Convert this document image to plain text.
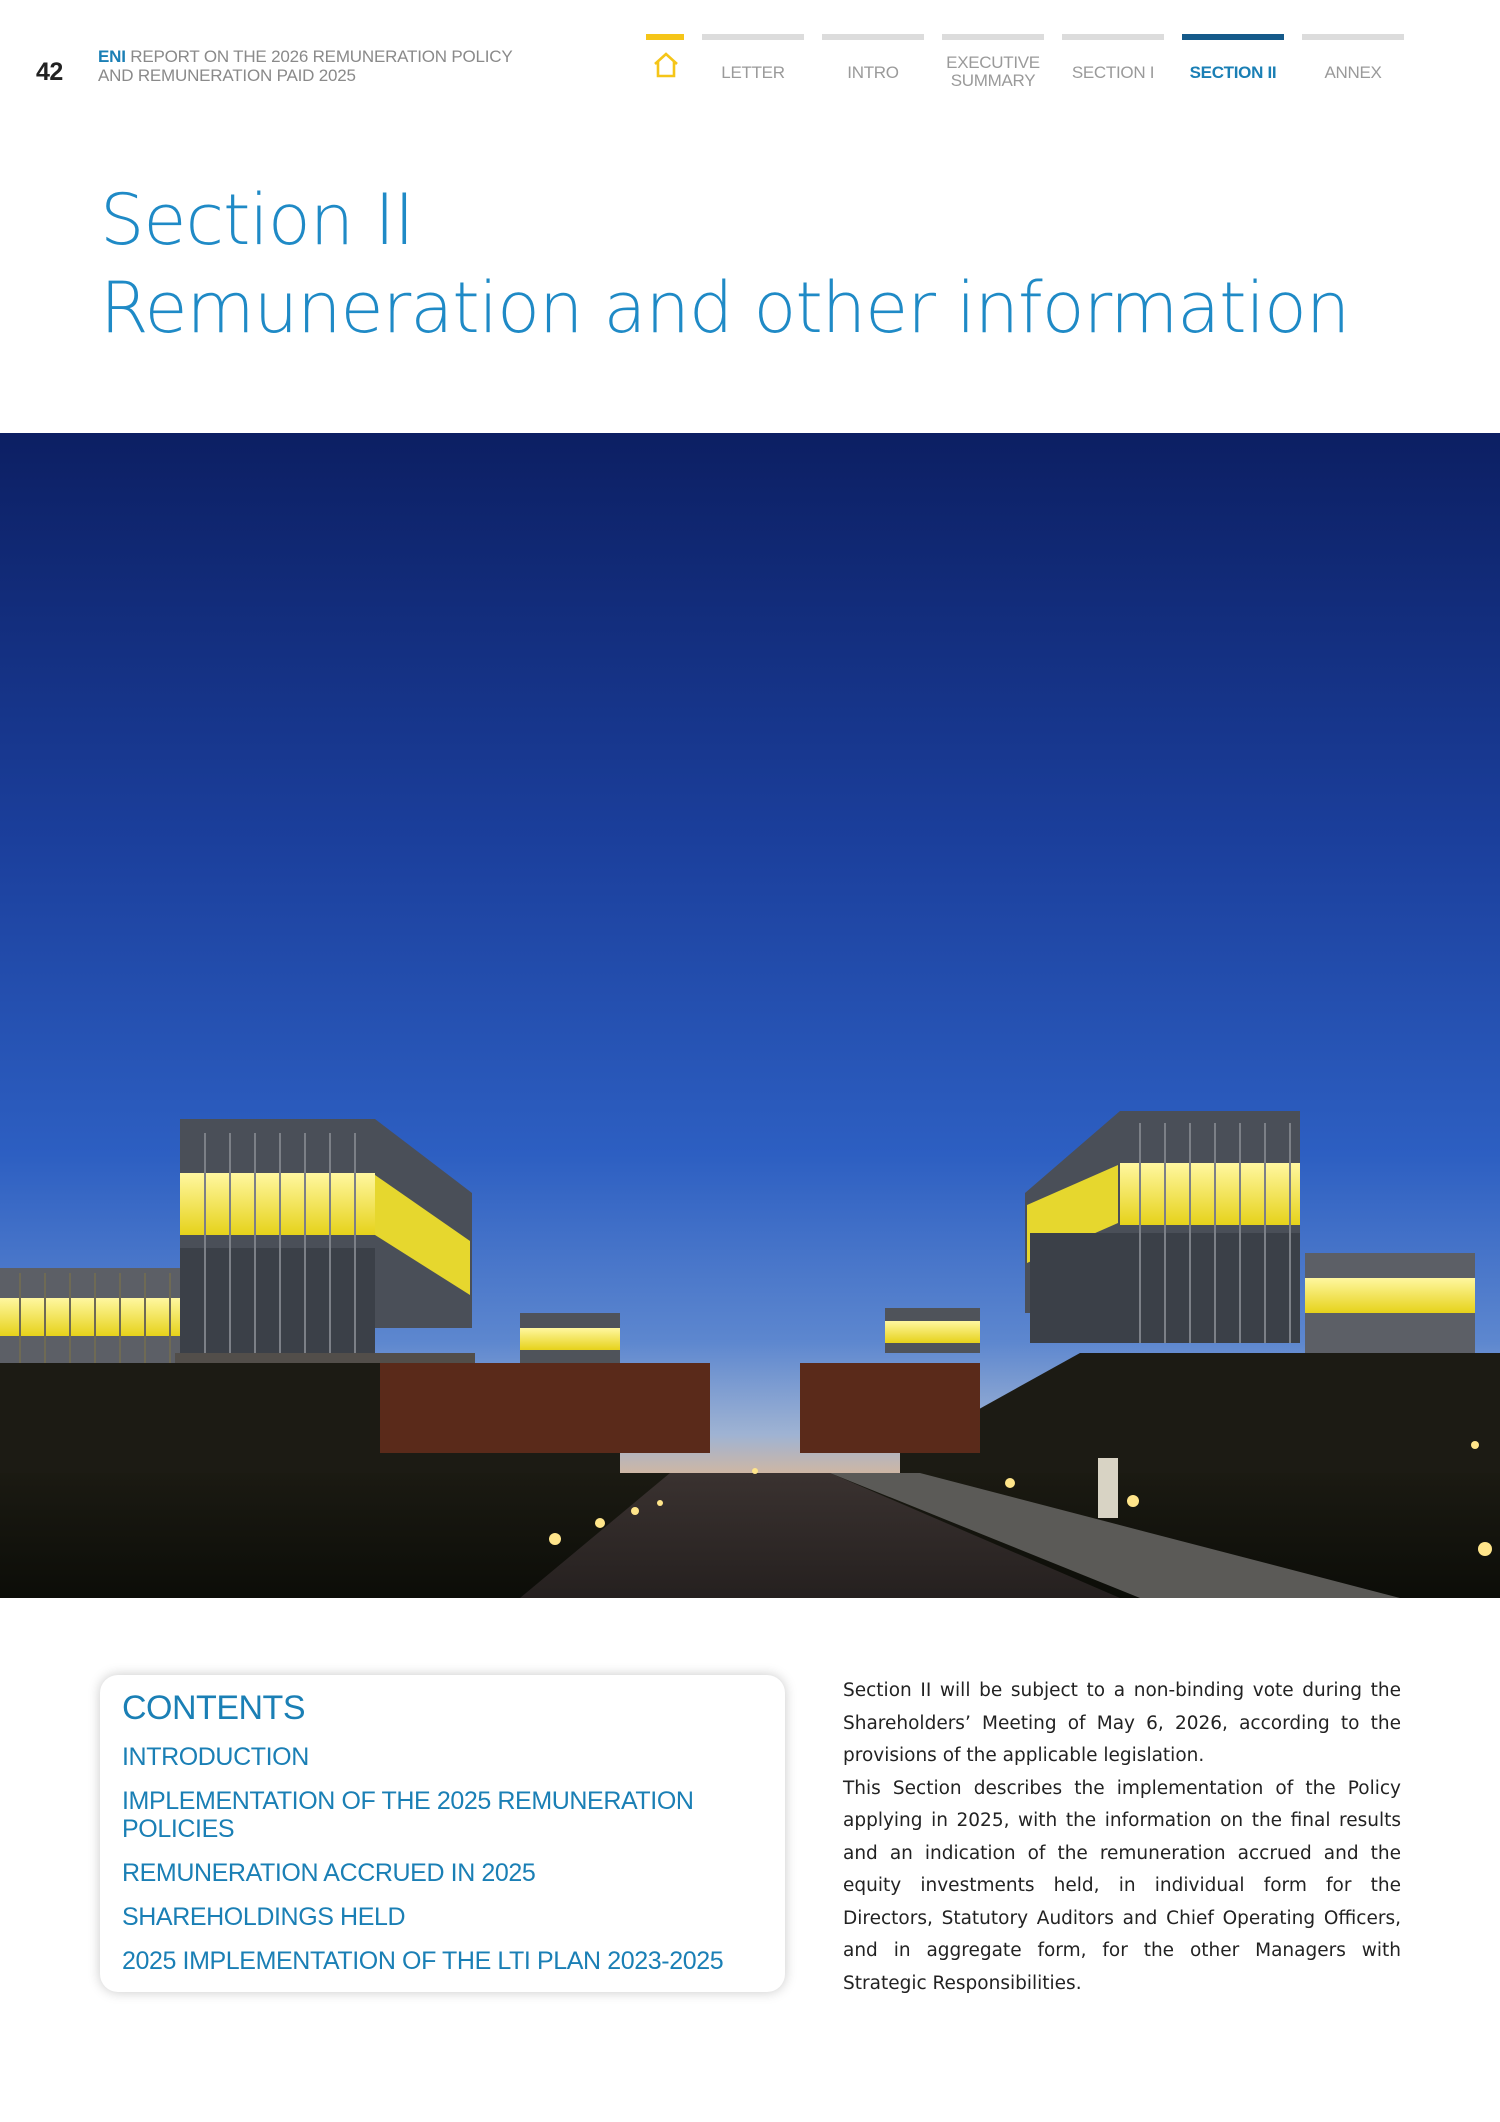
42
ENI REPORT ON THE 2026 REMUNERATION POLICY
AND REMUNERATION PAID 2025	LETTER	INTRO
EXECUTIVE
SUMMARY	SECTION I	SECTION II	ANNEX
Section II
Remuneration and other information
CONTENTS
INTRODUCTION
IMPLEMENTATION OF THE 2025 REMUNERATION POLICIES
REMUNERATION ACCRUED IN 2025
SHAREHOLDINGS HELD
2025 IMPLEMENTATION OF THE LTI PLAN 2023-2025

Section II will be subject to a non-binding vote during the Shareholders’ Meeting of May 6, 2026, according to the provisions of the applicable legislation.

This Section describes the implementation of the Policy applying in 2025, with the information on the final results and an indication of the remuneration accrued and the equity investments held, in individual form for the Directors, Statutory Auditors and Chief Operating Officers, and in aggregate form, for the other Managers with Strategic Responsibilities.
